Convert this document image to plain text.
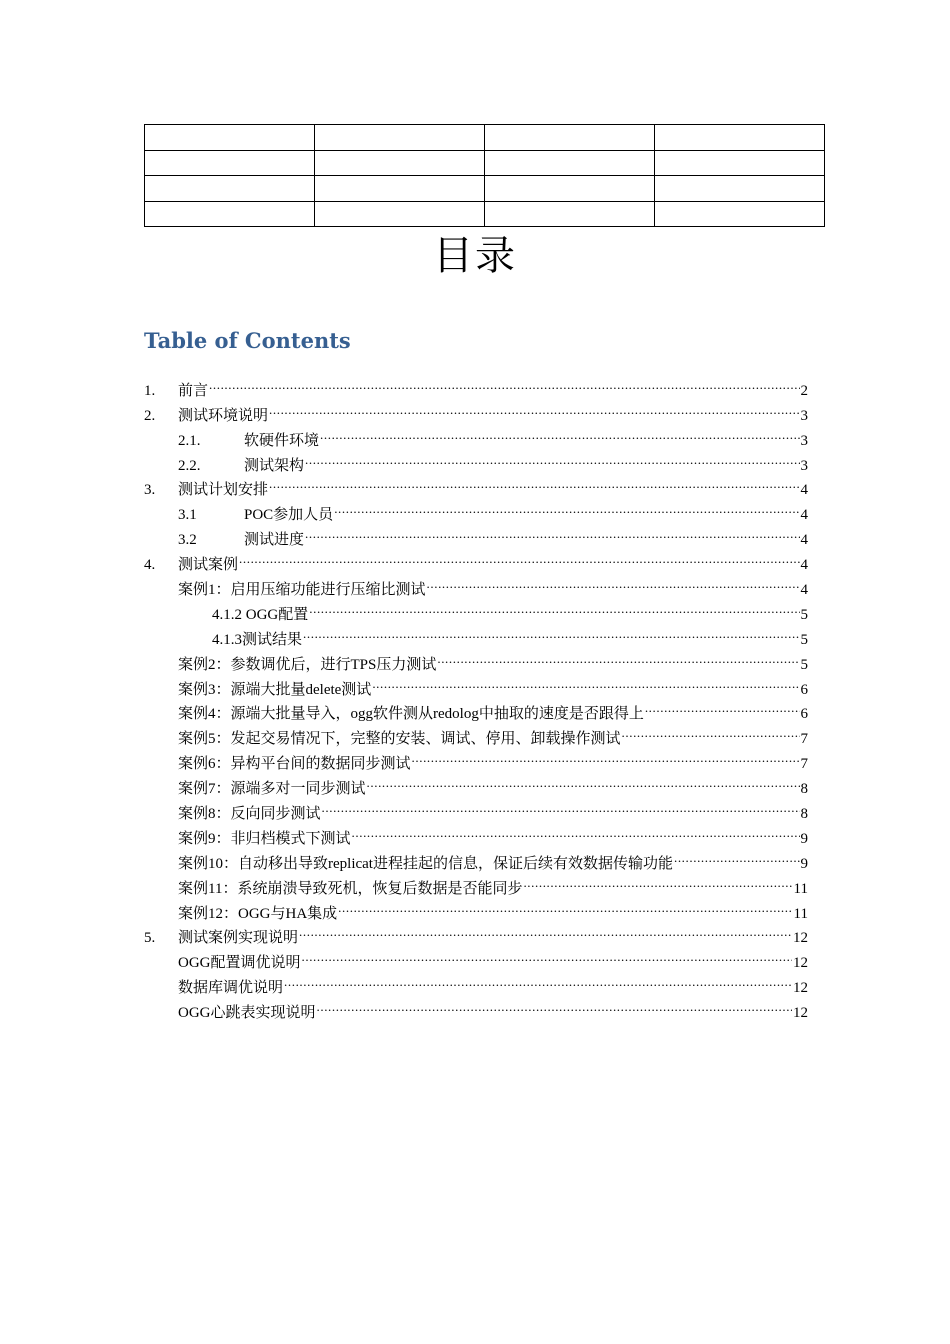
目录
Table of Contents
1.	前言 .....	2
2.	测试环境说明 .....	3
2.1.	软硬件环境 .....	3
2.2.	测试架构 .....	3
3.	测试计划安排 .....	4
3.1	POC参加人员 .....	4
3.2	测试进度 .....	4
4.	测试案例 .....	4
案例1：启用压缩功能进行压缩比测试 .....	4
4.1.2 OGG配置 .....	5
4.1.3测试结果 .....	5
案例2：参数调优后，进行TPS压力测试 .....	5
案例3：源端大批量delete测试 .....	6
案例4：源端大批量导入，ogg软件测从redolog中抽取的速度是否跟得上 .....	6
案例5：发起交易情况下，完整的安装、调试、停用、卸载操作测试 .....	7
案例6：异构平台间的数据同步测试 .....	7
案例7：源端多对一同步测试 .....	8
案例8：反向同步测试 .....	8
案例9：非归档模式下测试 .....	9
案例10：自动移出导致replicat进程挂起的信息，保证后续有效数据传输功能 .....	9
案例11：系统崩溃导致死机，恢复后数据是否能同步 .....	11
案例12：OGG与HA集成 .....	11
5.	测试案例实现说明 .....	12
OGG配置调优说明 .....	12
数据库调优说明 .....	12
OGG心跳表实现说明 .....	12
